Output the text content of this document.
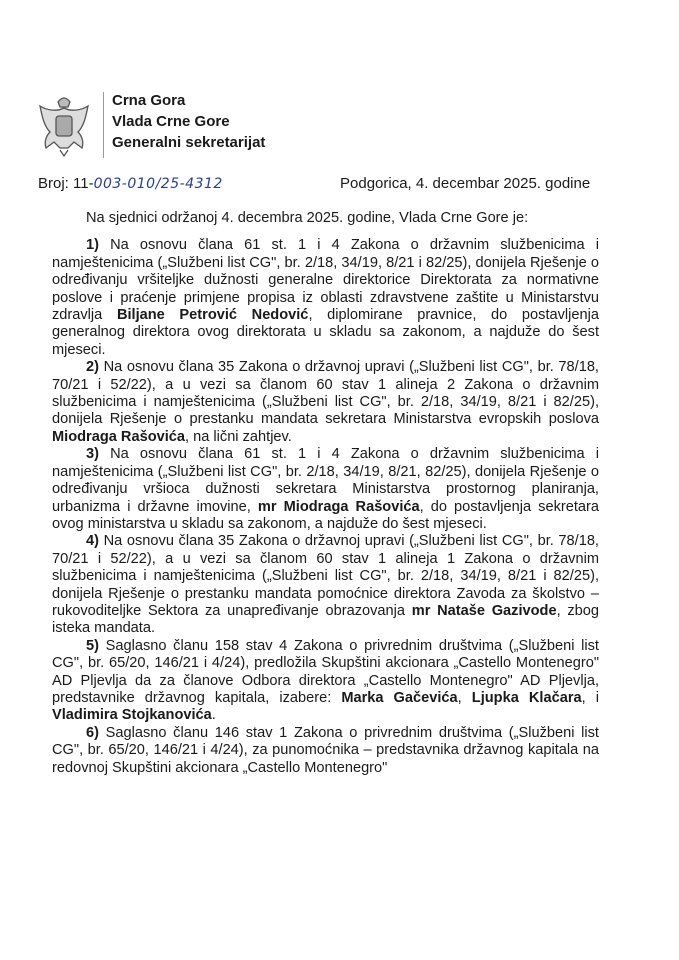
Crna Gora
Vlada Crne Gore
Generalni sekretarijat
Broj: 11-003-010/25-4312	Podgorica, 4. decembar 2025. godine

Na sjednici održanoj 4. decembra 2025. godine, Vlada Crne Gore je:

1) Na osnovu člana 61 st. 1 i 4 Zakona o državnim službenicima i namještenicima („Službeni list CG", br. 2/18, 34/19, 8/21 i 82/25), donijela Rješenje o određivanju vršiteljke dužnosti generalne direktorice Direktorata za normativne poslove i praćenje primjene propisa iz oblasti zdravstvene zaštite u Ministarstvu zdravlja Biljane Petrović Nedović, diplomirane pravnice, do postavljenja generalnog direktora ovog direktorata u skladu sa zakonom, a najduže do šest mjeseci.

2) Na osnovu člana 35 Zakona o državnoj upravi („Službeni list CG", br. 78/18, 70/21 i 52/22), a u vezi sa članom 60 stav 1 alineja 2 Zakona o državnim službenicima i namještenicima („Službeni list CG", br. 2/18, 34/19, 8/21 i 82/25), donijela Rješenje o prestanku mandata sekretara Ministarstva evropskih poslova Miodraga Rašovića, na lični zahtjev.

3) Na osnovu člana 61 st. 1 i 4 Zakona o državnim službenicima i namještenicima („Službeni list CG", br. 2/18, 34/19, 8/21, 82/25), donijela Rješenje o određivanju vršioca dužnosti sekretara Ministarstva prostornog planiranja, urbanizma i državne imovine, mr Miodraga Rašovića, do postavljenja sekretara ovog ministarstva u skladu sa zakonom, a najduže do šest mjeseci.

4) Na osnovu člana 35 Zakona o državnoj upravi („Službeni list CG", br. 78/18, 70/21 i 52/22), a u vezi sa članom 60 stav 1 alineja 1 Zakona o državnim službenicima i namještenicima („Službeni list CG", br. 2/18, 34/19, 8/21 i 82/25), donijela Rješenje o prestanku mandata pomoćnice direktora Zavoda za školstvo – rukovoditeljke Sektora za unapređivanje obrazovanja mr Nataše Gazivode, zbog isteka mandata.

5) Saglasno članu 158 stav 4 Zakona o privrednim društvima („Službeni list CG", br. 65/20, 146/21 i 4/24), predložila Skupštini akcionara „Castello Montenegro" AD Pljevlja da za članove Odbora direktora „Castello Montenegro" AD Pljevlja, predstavnike državnog kapitala, izabere: Marka Gačevića, Ljupka Klačara, i Vladimira Stojkanovića.

6) Saglasno članu 146 stav 1 Zakona o privrednim društvima („Službeni list CG", br. 65/20, 146/21 i 4/24), za punomoćnika – predstavnika državnog kapitala na redovnoj Skupštini akcionara „Castello Montenegro"
